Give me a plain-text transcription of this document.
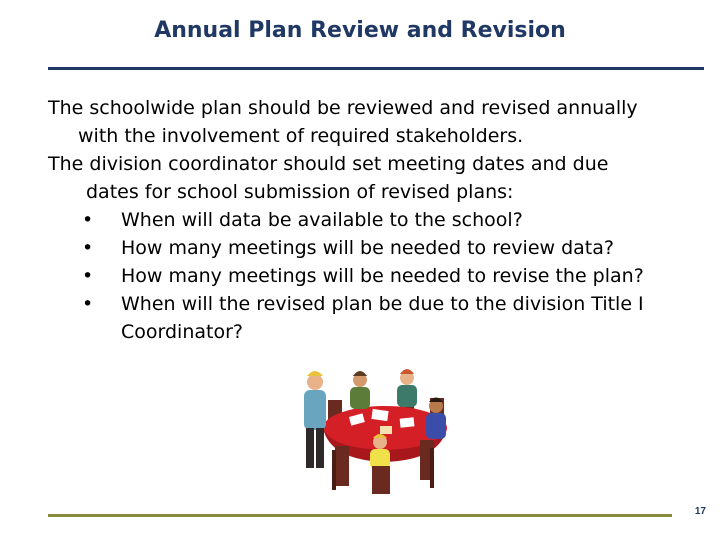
Annual Plan Review and Revision

The schoolwide plan should be reviewed and revised annually
with the involvement of required stakeholders.

The division coordinator should set meeting dates and due
dates for school submission of revised plans:

• When will data be available to the school?
• How many meetings will be needed to review data?
• How many meetings will be needed to revise the plan?
• When will the revised plan be due to the division Title I Coordinator?
17
